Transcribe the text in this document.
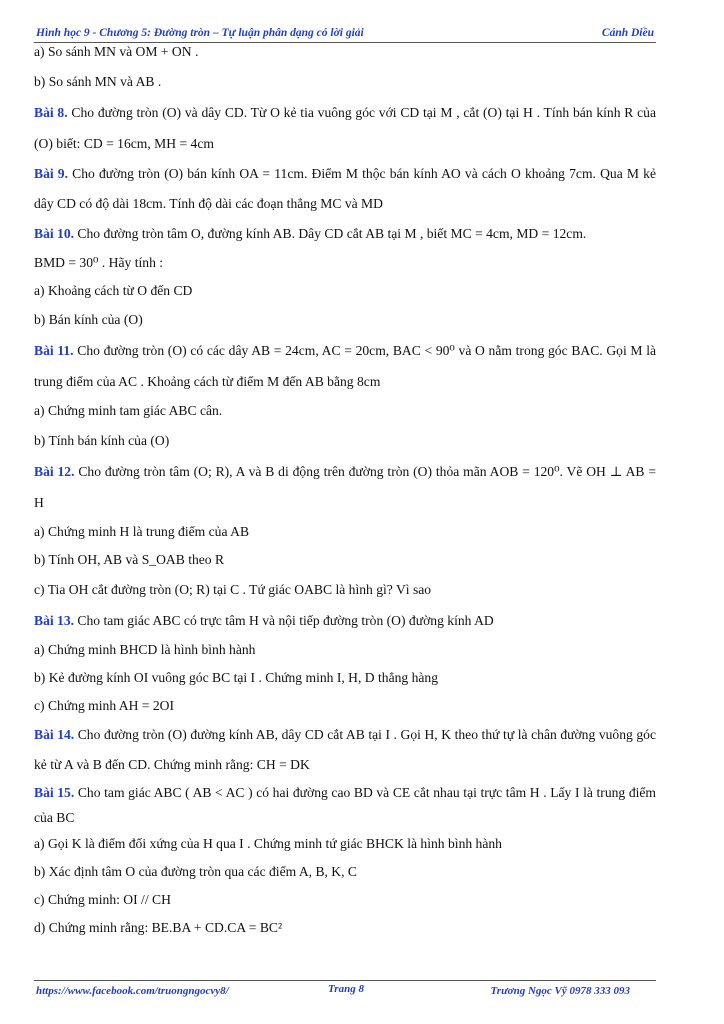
Hình học 9 - Chương 5: Đường tròn – Tự luận phân dạng có lời giải	Cánh Diều

a) So sánh MN và OM + ON .

b) So sánh MN và AB .

Bài 8. Cho đường tròn (O) và dây CD. Từ O kẻ tia vuông góc với CD tại M , cắt (O) tại H . Tính bán kính R của (O) biết: CD = 16cm, MH = 4cm

Bài 9. Cho đường tròn (O) bán kính OA = 11cm. Điểm M thộc bán kính AO và cách O khoảng 7cm. Qua M kẻ dây CD có độ dài 18cm. Tính độ dài các đoạn thẳng MC và MD

Bài 10. Cho đường tròn tâm O, đường kính AB. Dây CD cắt AB tại M , biết MC = 4cm, MD = 12cm.

BMD = 30⁰ . Hãy tính :

a) Khoảng cách từ O đến CD

b) Bán kính của (O)

Bài 11. Cho đường tròn (O) có các dây AB = 24cm, AC = 20cm, BAC < 90⁰ và O nằm trong góc BAC. Gọi M là trung điểm của AC . Khoảng cách từ điểm M đến AB bằng 8cm

a) Chứng minh tam giác ABC cân.

b) Tính bán kính của (O)

Bài 12. Cho đường tròn tâm (O; R), A và B di động trên đường tròn (O) thỏa mãn AOB = 120⁰. Vẽ OH ⊥ AB = H

a) Chứng minh H là trung điểm của AB

b) Tính OH, AB và S_OAB theo R

c) Tia OH cắt đường tròn (O; R) tại C . Tứ giác OABC là hình gì? Vì sao

Bài 13. Cho tam giác ABC có trực tâm H và nội tiếp đường tròn (O) đường kính AD

a) Chứng minh BHCD là hình bình hành

b) Kẻ đường kính OI vuông góc BC tại I . Chứng minh I, H, D thẳng hàng

c) Chứng minh AH = 2OI

Bài 14. Cho đường tròn (O) đường kính AB, dây CD cắt AB tại I . Gọi H, K theo thứ tự là chân đường vuông góc kẻ từ A và B đến CD. Chứng minh rằng: CH = DK

Bài 15. Cho tam giác ABC ( AB < AC ) có hai đường cao BD và CE cắt nhau tại trực tâm H . Lấy I là trung điểm của BC

a) Gọi K là điểm đối xứng của H qua I . Chứng minh tứ giác BHCK là hình bình hành

b) Xác định tâm O của đường tròn qua các điểm A, B, K, C

c) Chứng minh: OI // CH

d) Chứng minh rằng: BE.BA + CD.CA = BC²

https://www.facebook.com/truongngocvy8/	Trang 8	Trương Ngọc Vỹ 0978 333 093
